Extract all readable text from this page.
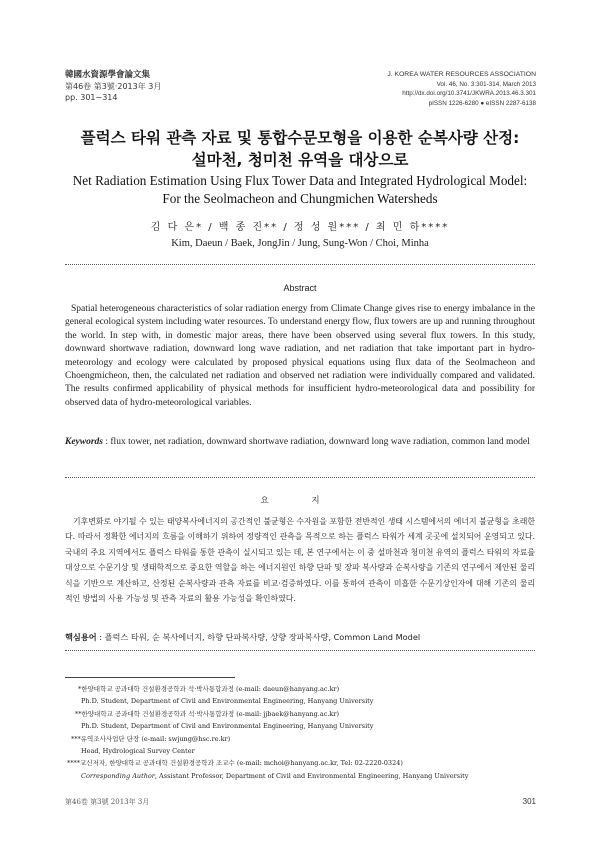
韓國水資源學會論文集
第46卷 第3號·2013年 3月
pp. 301∼314
J. KOREA WATER RESOURCES ASSOCIATION
Vol. 46, No. 3:301-314, March 2013
http://dx.doi.org/10.3741/JKWRA.2013.46.3.301
pISSN 1226-6280 ● eISSN 2287-6138
플럭스 타워 관측 자료 및 통합수문모형을 이용한 순복사량 산정:
설마천, 청미천 유역을 대상으로
Net Radiation Estimation Using Flux Tower Data and Integrated Hydrological Model:
For the Seolmacheon and Chungmichen Watersheds
김 다 은* / 백 종 진** / 정 성 원*** / 최 민 하****
Kim, Daeun / Baek, JongJin / Jung, Sung-Won / Choi, Minha
Abstract
Spatial heterogeneous characteristics of solar radiation energy from Climate Change gives rise to energy imbalance in the general ecological system including water resources. To understand energy flow, flux towers are up and running throughout the world. In step with, in domestic major areas, there have been observed using several flux towers. In this study, downward shortwave radiation, downward long wave radiation, and net radiation that take important part in hydro-meteorology and ecology were calculated by proposed physical equations using flux data of the Seolmacheon and Choengmicheon, then, the calculated net radiation and observed net radiation were individually compared and validated. The results confirmed applicability of physical methods for insufficient hydro-meteorological data and possibility for observed data of hydro-meteorological variables.
Keywords : flux tower, net radiation, downward shortwave radiation, downward long wave radiation, common land model
요 지
기후변화로 야기될 수 있는 태양복사에너지의 공간적인 불균형은 수자원을 포함한 전반적인 생태 시스템에서의 에너지 불균형을 초래한다. 따라서 정확한 에너지의 흐름을 이해하기 위하여 정량적인 관측을 목적으로 하는 플럭스 타워가 세계 곳곳에 설치되어 운영되고 있다. 국내의 주요 지역에서도 플럭스 타워를 통한 관측이 실시되고 있는 데, 본 연구에서는 이 중 설마천과 청미천 유역의 플럭스 타워의 자료를 대상으로 수문기상 및 생태학적으로 중요한 역할을 하는 에너지원인 하향 단파 및 장파 복사량과 순복사량을 기존의 연구에서 제안된 물리식을 기반으로 계산하고, 산정된 순복사량과 관측 자료를 비교·검증하였다. 이를 통하여 관측이 미흡한 수문기상인자에 대해 기존의 물리적인 방법의 사용 가능성 및 관측 자료의 활용 가능성을 확인하였다.
핵심용어 : 플럭스 타워, 순 복사에너지, 하향 단파복사량, 상향 장파복사량, Common Land Model
*한양대학교 공과대학 건설환경공학과 석·박사통합과정 (e-mail: daeun@hanyang.ac.kr)
Ph.D. Student, Department of Civil and Environmental Engineering, Hanyang University
**한양대학교 공과대학 건설환경공학과 석·박사통합과정 (e-mail: jjbaek@hanyang.ac.kr)
Ph.D. Student, Department of Civil and Environmental Engineering, Hanyang University
***유역조사사업단 단장 (e-mail: swjung@hsc.re.kr)
Head, Hydrological Survey Center
****교신저자, 한양대학교 공과대학 건설환경공학과 조교수 (e-mail: mchoi@hanyang.ac.kr, Tel: 02-2220-0324)
Corresponding Author, Assistant Professor, Department of Civil and Environmental Engineering, Hanyang University
第46卷 第3號 2013年 3月	301
